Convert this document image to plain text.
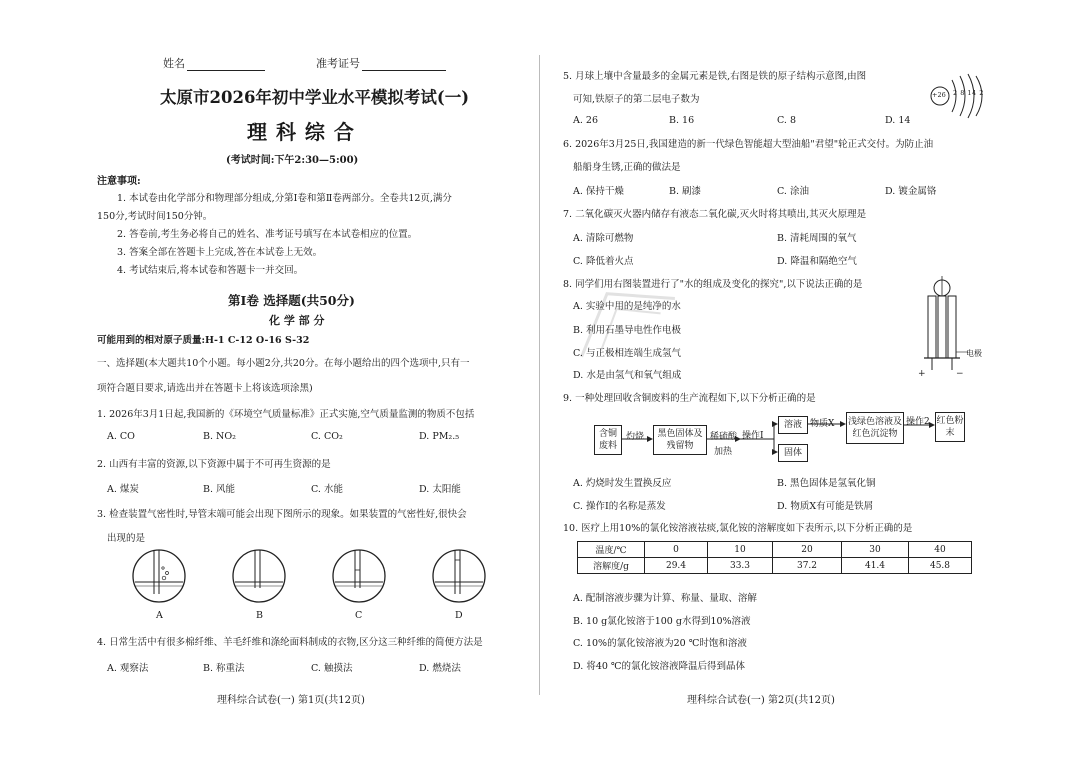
姓名	准考证号
太原市2026年初中学业水平模拟考试(一)
理 科 综 合
(考试时间:下午2:30—5:00)
注意事项:
1. 本试卷由化学部分和物理部分组成,分第Ⅰ卷和第Ⅱ卷两部分。全卷共12页,满分
150分,考试时间150分钟。
2. 答卷前,考生务必将自己的姓名、准考证号填写在本试卷相应的位置。
3. 答案全部在答题卡上完成,答在本试卷上无效。
4. 考试结束后,将本试卷和答题卡一并交回。
第Ⅰ卷 选择题(共50分)
化 学 部 分
可能用到的相对原子质量:H-1 C-12 O-16 S-32
一、选择题(本大题共10个小题。每小题2分,共20分。在每小题给出的四个选项中,只有一
项符合题目要求,请选出并在答题卡上将该选项涂黑)
1. 2026年3月1日起,我国新的《环境空气质量标准》正式实施,空气质量监测的物质不包括
A. CO	B. NO₂	C. CO₂	D. PM₂.₅
2. 山西有丰富的资源,以下资源中属于不可再生资源的是
A. 煤炭	B. 风能	C. 水能	D. 太阳能
3. 检查装置气密性时,导管末端可能会出现下图所示的现象。如果装置的气密性好,很快会
出现的是
A	B	C	D
4. 日常生活中有很多棉纤维、羊毛纤维和涤纶面料制成的衣物,区分这三种纤维的简便方法是
A. 观察法	B. 称重法	C. 触摸法	D. 燃烧法
理科综合试卷(一) 第1页(共12页)
5. 月球上壤中含量最多的金属元素是铁,右图是铁的原子结构示意图,由图
可知,铁原子的第二层电子数为
A. 26	B. 16	C. 8	D. 14
+26 2 8 14 2
6. 2026年3月25日,我国建造的新一代绿色智能超大型油船"君望"轮正式交付。为防止油
船船身生锈,正确的做法是
A. 保持干燥	B. 刷漆	C. 涂油	D. 镀金属铬
7. 二氧化碳灭火器内储存有液态二氧化碳,灭火时将其喷出,其灭火原理是
A. 清除可燃物	B. 清耗周围的氧气
C. 降低着火点	D. 降温和隔绝空气
8. 同学们用右图装置进行了"水的组成及变化的探究",以下说法正确的是
A. 实验中用的是纯净的水
B. 利用石墨导电性作电极
C. 与正极相连端生成氢气
D. 水是由氢气和氧气组成	+	−
电极
9. 一种处理回收含铜废料的生产流程如下,以下分析正确的是
含铜废料
灼烧	黑色固体及残留物
稀硫酸
加热
操作Ⅰ
溶液 物质X 浅绿色溶液及红色沉淀物
操作2 红色粉末
固体
A. 灼烧时发生置换反应	B. 黑色固体是氢氧化铜
C. 操作Ⅰ的名称是蒸发	D. 物质X有可能是铁屑
10. 医疗上用10%的氯化铵溶液祛痰,氯化铵的溶解度如下表所示,以下分析正确的是
温度/℃	0	10	20	30	40
溶解度/g	29.4	33.3	37.2	41.4	45.8
A. 配制溶液步骤为计算、称量、量取、溶解
B. 10 g氯化铵溶于100 g水得到10%溶液
C. 10%的氯化铵溶液为20 ℃时饱和溶液
D. 将40 ℃的氯化铵溶液降温后得到晶体
理科综合试卷(一) 第2页(共12页)
